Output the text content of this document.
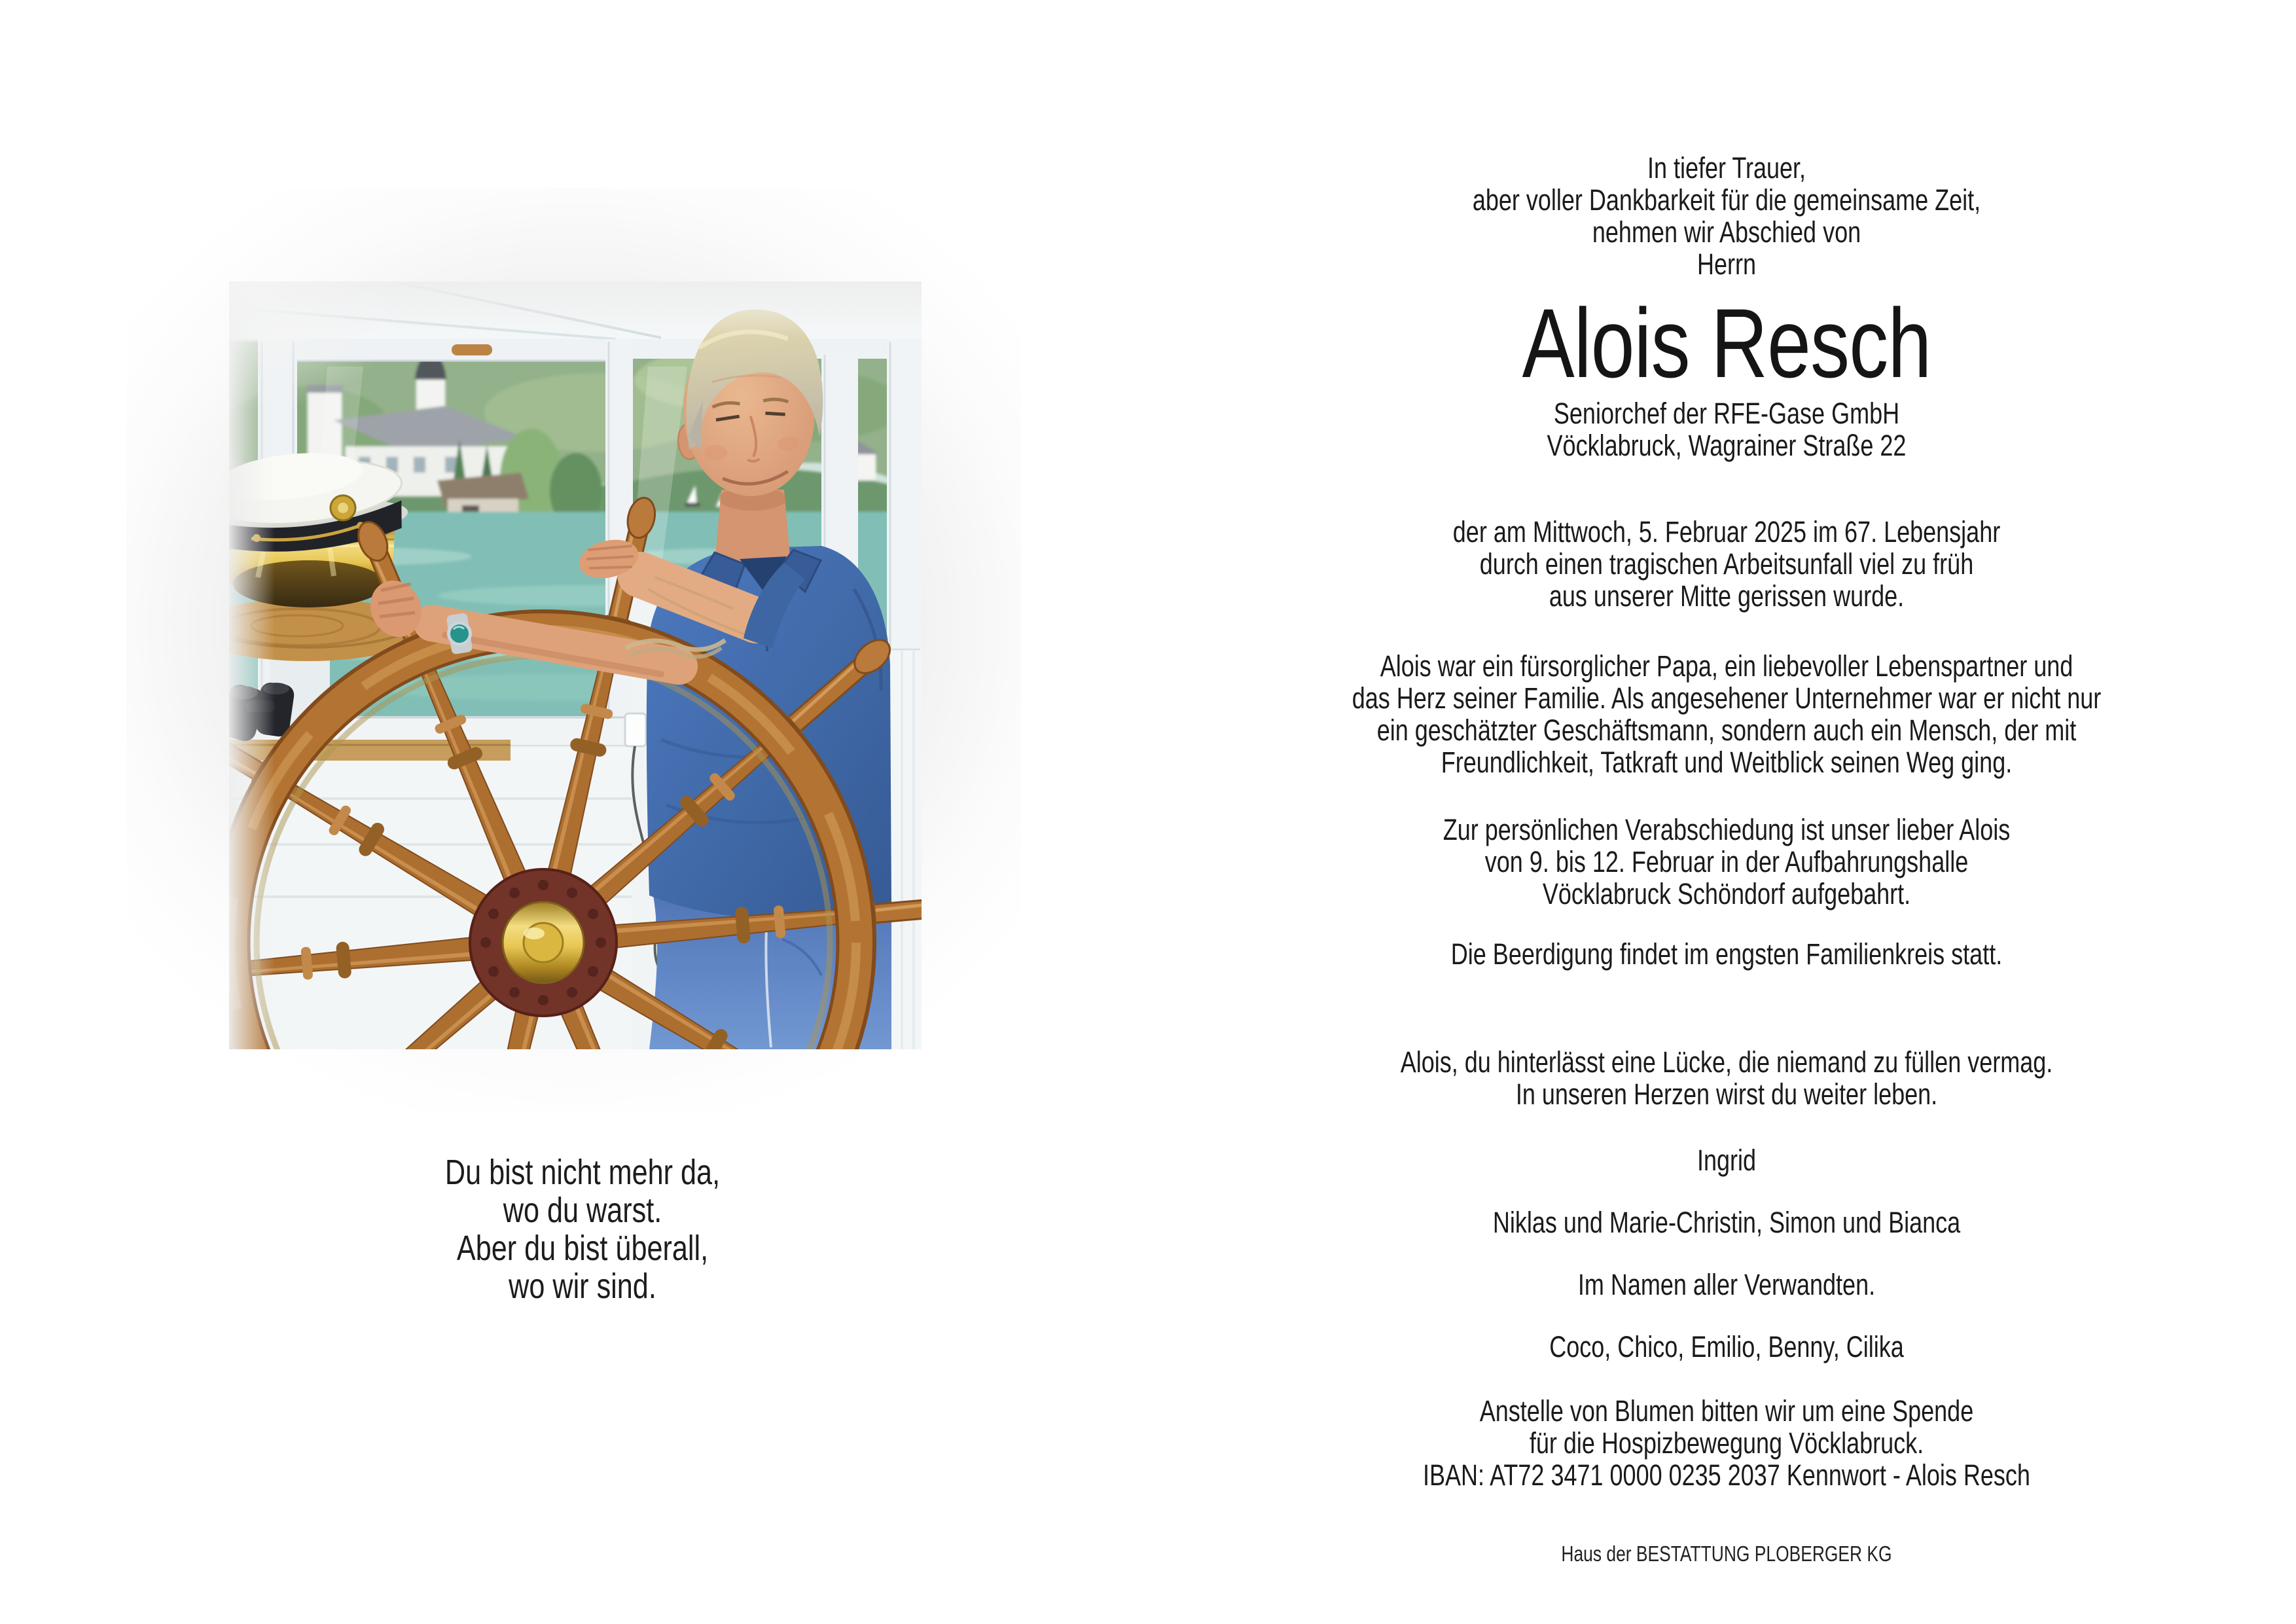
Du bist nicht mehr da,
wo du warst.
Aber du bist überall,
wo wir sind.
In tiefer Trauer,
aber voller Dankbarkeit für die gemeinsame Zeit,
nehmen wir Abschied von
Herrn
Alois Resch
Seniorchef der RFE-Gase GmbH
Vöcklabruck, Wagrainer Straße 22
der am Mittwoch, 5. Februar 2025 im 67. Lebensjahr
durch einen tragischen Arbeitsunfall viel zu früh
aus unserer Mitte gerissen wurde.
Alois war ein fürsorglicher Papa, ein liebevoller Lebenspartner und
das Herz seiner Familie. Als angesehener Unternehmer war er nicht nur
ein geschätzter Geschäftsmann, sondern auch ein Mensch, der mit
Freundlichkeit, Tatkraft und Weitblick seinen Weg ging.
Zur persönlichen Verabschiedung ist unser lieber Alois
von 9. bis 12. Februar in der Aufbahrungshalle
Vöcklabruck Schöndorf aufgebahrt.
Die Beerdigung findet im engsten Familienkreis statt.
Alois, du hinterlässt eine Lücke, die niemand zu füllen vermag.
In unseren Herzen wirst du weiter leben.
Ingrid
Niklas und Marie-Christin, Simon und Bianca
Im Namen aller Verwandten.
Coco, Chico, Emilio, Benny, Cilika
Anstelle von Blumen bitten wir um eine Spende
für die Hospizbewegung Vöcklabruck.
IBAN: AT72 3471 0000 0235 2037 Kennwort - Alois Resch
Haus der BESTATTUNG PLOBERGER KG
